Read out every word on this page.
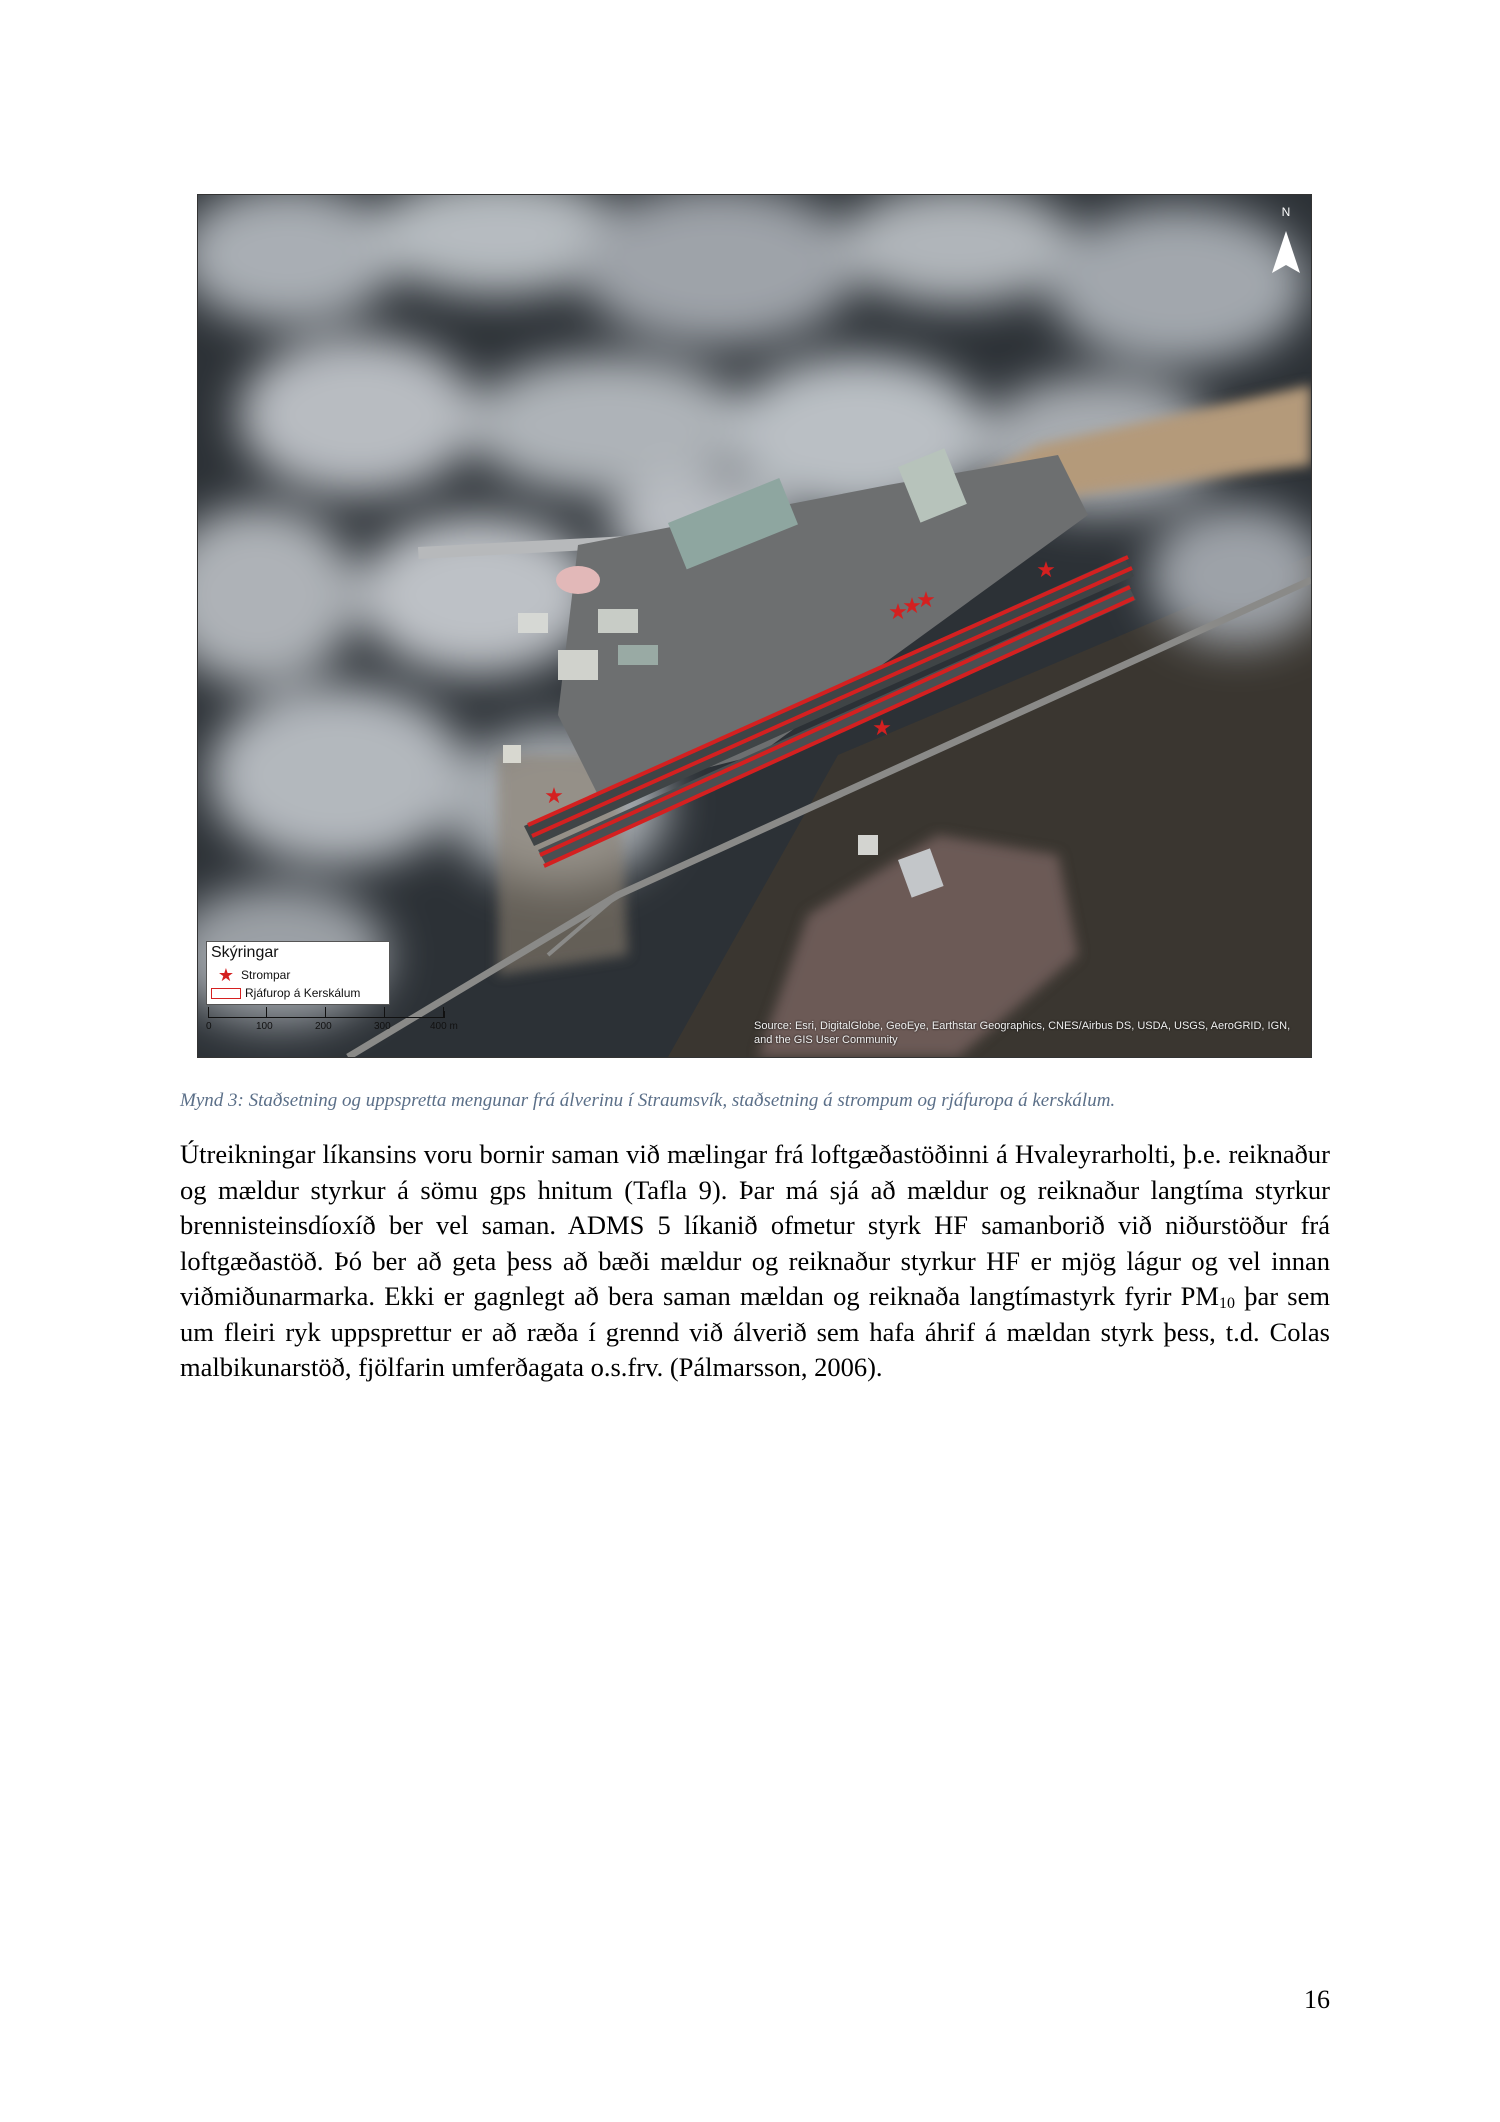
★
★
★
★
★
★
N
Skýringar
★ Strompar
Rjáfurop á Kerskálum
0	100	200	300	400 m	Source: Esri, DigitalGlobe, GeoEye, Earthstar Geographics, CNES/Airbus DS, USDA, USGS, AeroGRID, IGN, and the GIS User Community
Mynd 3: Staðsetning og uppspretta mengunar frá álverinu í Straumsvík, staðsetning á strompum og rjáfuropa á kerskálum.

Útreikningar líkansins voru bornir saman við mælingar frá loftgæðastöðinni á Hvaleyrarholti, þ.e. reiknaður og mældur styrkur á sömu gps hnitum (Tafla 9). Þar má sjá að mældur og reiknaður langtíma styrkur brennisteinsdíoxíð ber vel saman. ADMS 5 líkanið ofmetur styrk HF samanborið við niðurstöður frá loftgæðastöð. Þó ber að geta þess að bæði mældur og reiknaður styrkur HF er mjög lágur og vel innan viðmiðunarmarka. Ekki er gagnlegt að bera saman mældan og reiknaða langtímastyrk fyrir $PM_{10}$ þar sem um fleiri ryk uppsprettur er að ræða í grennd við álverið sem hafa áhrif á mældan styrk þess, t.d. Colas malbikunarstöð, fjölfarin umferðagata o.s.frv. (Pálmarsson, 2006).

16
